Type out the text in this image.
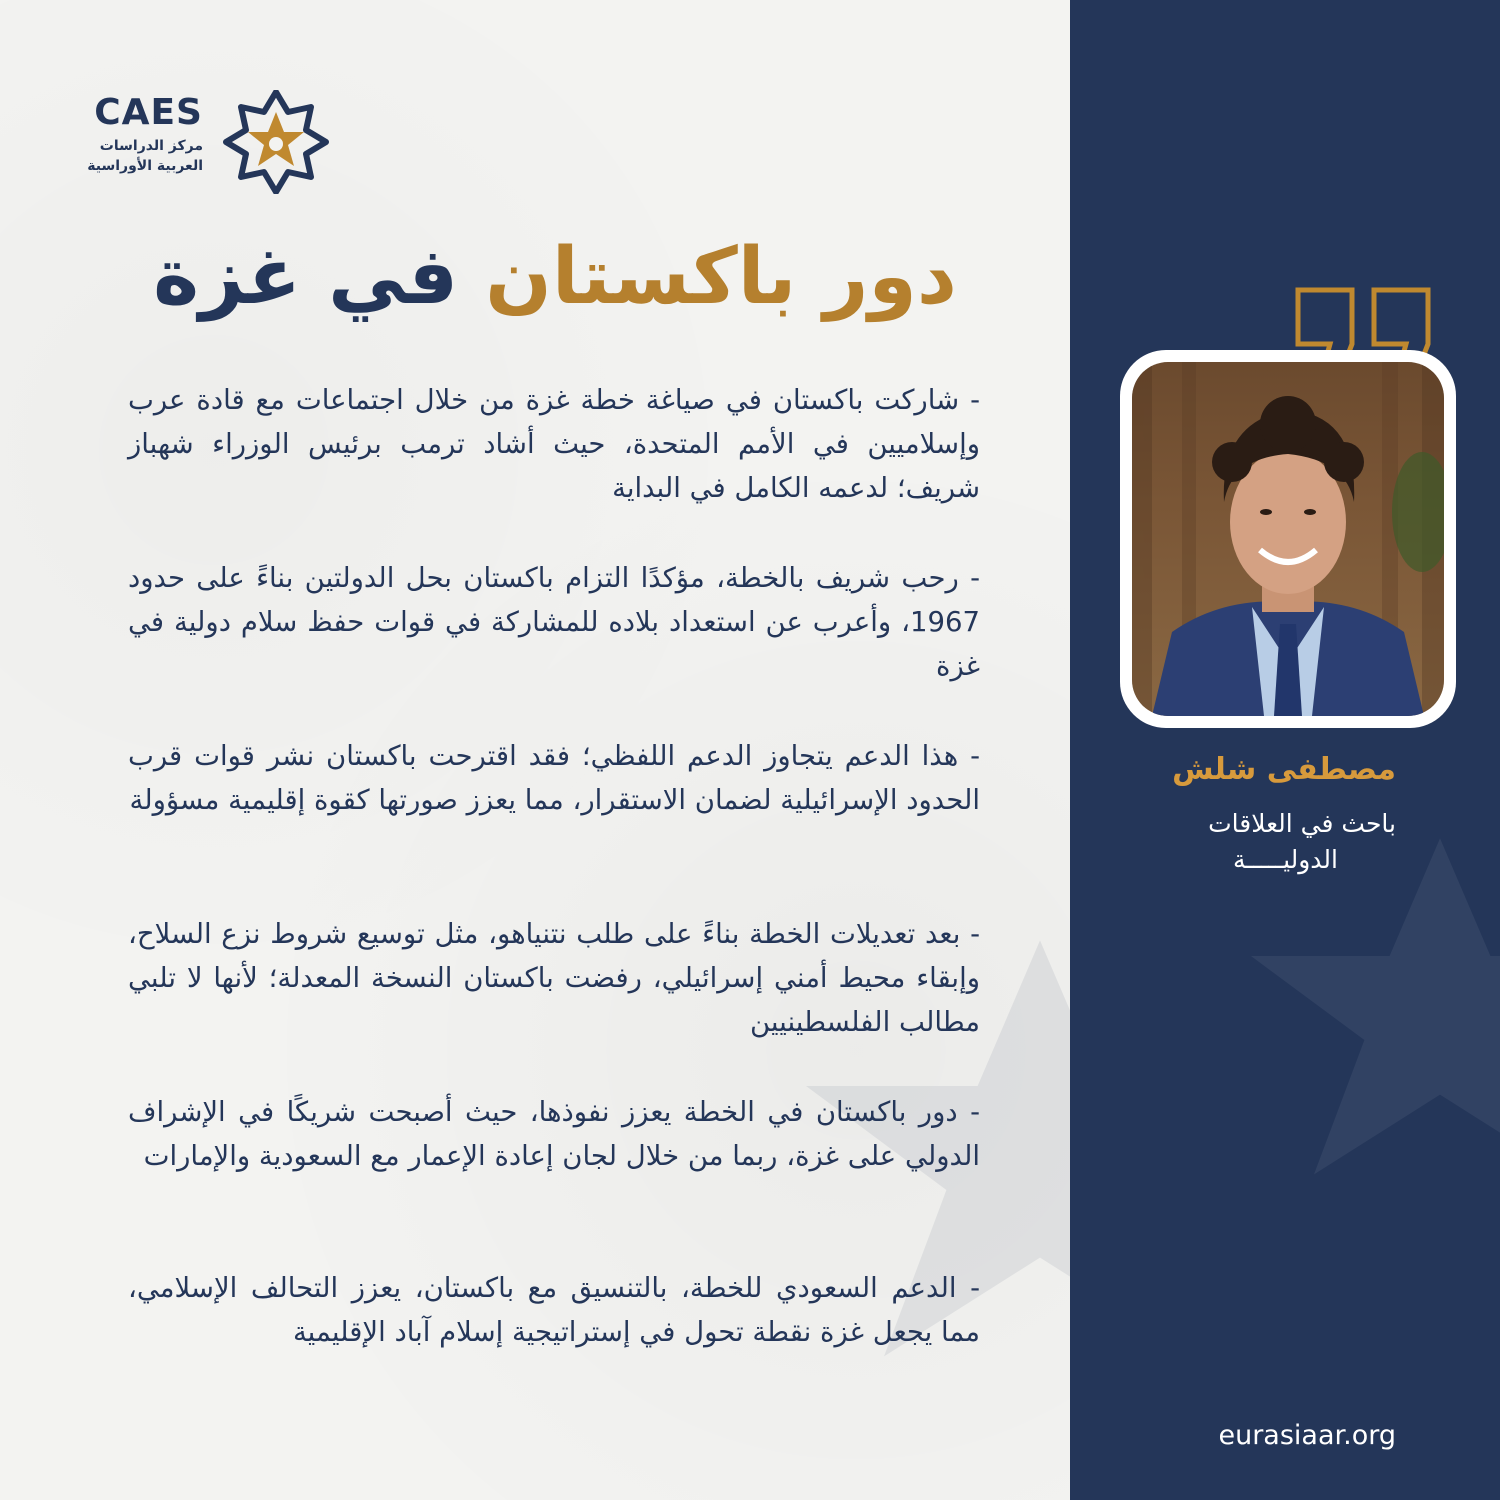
CAES
مركز الدراسات
العربية الأوراسية
دور باكستان في غزة
- شاركت باكستان في صياغة خطة غزة من خلال اجتماعات مع قادة عرب وإسلاميين في الأمم المتحدة، حيث أشاد ترمب برئيس الوزراء شهباز شريف؛ لدعمه الكامل في البداية
- رحب شريف بالخطة، مؤكدًا التزام باكستان بحل الدولتين بناءً على حدود 1967، وأعرب عن استعداد بلاده للمشاركة في قوات حفظ سلام دولية في غزة
- هذا الدعم يتجاوز الدعم اللفظي؛ فقد اقترحت باكستان نشر قوات قرب الحدود الإسرائيلية لضمان الاستقرار، مما يعزز صورتها كقوة إقليمية مسؤولة
- بعد تعديلات الخطة بناءً على طلب نتنياهو، مثل توسيع شروط نزع السلاح، وإبقاء محيط أمني إسرائيلي، رفضت باكستان النسخة المعدلة؛ لأنها لا تلبي مطالب الفلسطينيين
- دور باكستان في الخطة يعزز نفوذها، حيث أصبحت شريكًا في الإشراف الدولي على غزة، ربما من خلال لجان إعادة الإعمار مع السعودية والإمارات
- الدعم السعودي للخطة، بالتنسيق مع باكستان، يعزز التحالف الإسلامي، مما يجعل غزة نقطة تحول في إستراتيجية إسلام آباد الإقليمية
مصطفى شلش
باحث في العلاقات
الدوليـــــة
eurasiaar.org
